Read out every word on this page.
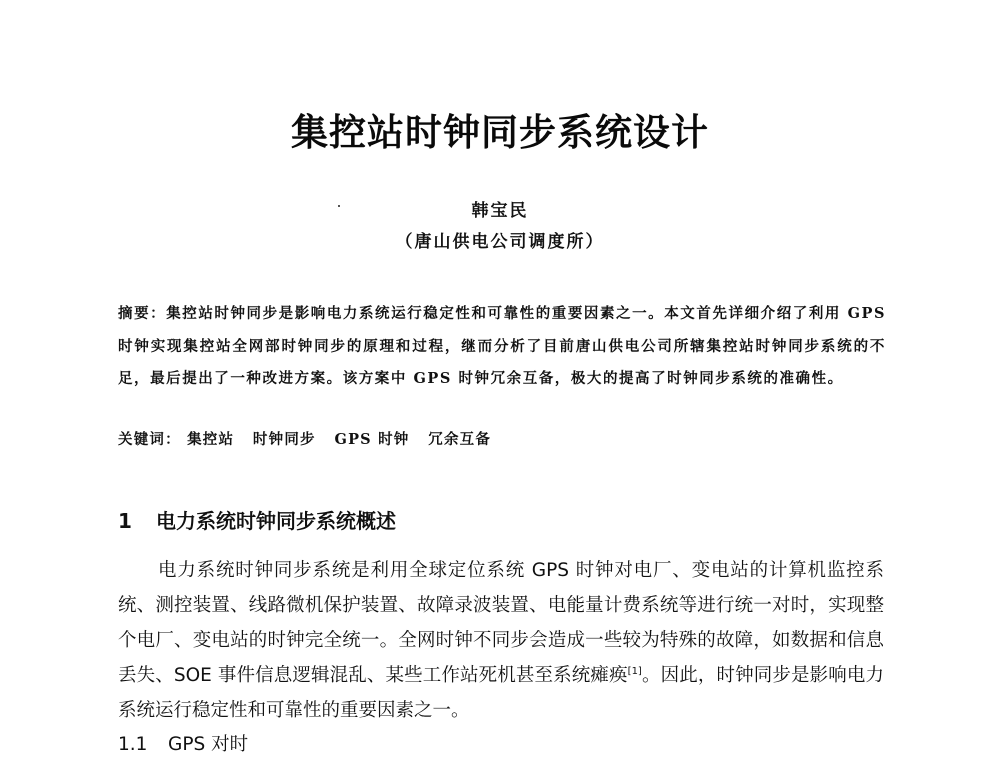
集控站时钟同步系统设计
韩宝民
（唐山供电公司调度所）
摘要：集控站时钟同步是影响电力系统运行稳定性和可靠性的重要因素之一。本文首先详细介绍了利用 GPS 时钟实现集控站全网部时钟同步的原理和过程，继而分析了目前唐山供电公司所辖集控站时钟同步系统的不足，最后提出了一种改进方案。该方案中 GPS 时钟冗余互备，极大的提高了时钟同步系统的准确性。
关键词： 集控站 时钟同步 GPS 时钟 冗余互备
1 电力系统时钟同步系统概述
电力系统时钟同步系统是利用全球定位系统 GPS 时钟对电厂、变电站的计算机监控系统、测控装置、线路微机保护装置、故障录波装置、电能量计费系统等进行统一对时，实现整个电厂、变电站的时钟完全统一。全网时钟不同步会造成一些较为特殊的故障，如数据和信息丢失、SOE 事件信息逻辑混乱、某些工作站死机甚至系统瘫痪[1]。因此，时钟同步是影响电力系统运行稳定性和可靠性的重要因素之一。
1.1 GPS 对时
